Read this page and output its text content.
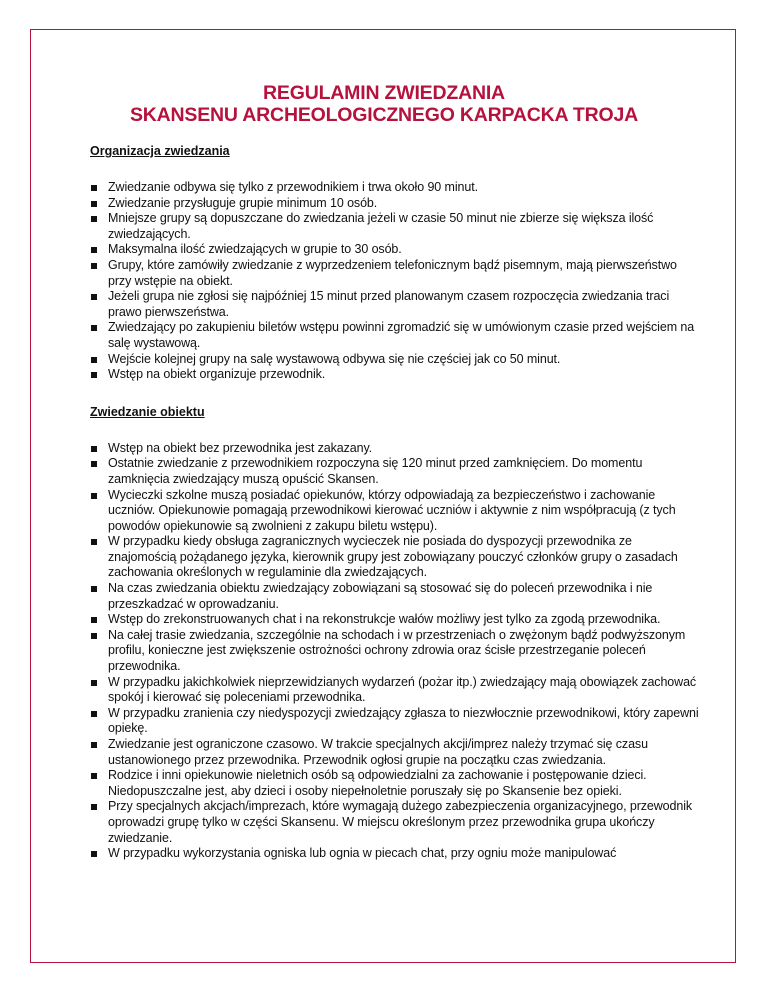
REGULAMIN ZWIEDZANIA
SKANSENU ARCHEOLOGICZNEGO KARPACKA TROJA
Organizacja zwiedzania
Zwiedzanie odbywa się tylko z przewodnikiem i trwa około 90 minut.
Zwiedzanie przysługuje grupie minimum 10 osób.
Mniejsze grupy są dopuszczane do zwiedzania jeżeli w czasie 50 minut nie zbierze się większa ilość zwiedzających.
Maksymalna ilość zwiedzających w grupie to 30 osób.
Grupy, które zamówiły zwiedzanie z wyprzedzeniem telefonicznym bądź pisemnym, mają pierwszeństwo przy wstępie na obiekt.
Jeżeli grupa nie zgłosi się najpóźniej 15 minut przed planowanym czasem rozpoczęcia zwiedzania traci prawo pierwszeństwa.
Zwiedzający po zakupieniu biletów wstępu powinni zgromadzić się w umówionym czasie przed wejściem na salę wystawową.
Wejście kolejnej grupy na salę wystawową odbywa się nie częściej jak co 50 minut.
Wstęp na obiekt organizuje przewodnik.
Zwiedzanie obiektu
Wstęp na obiekt bez przewodnika jest zakazany.
Ostatnie zwiedzanie z przewodnikiem rozpoczyna się 120 minut przed zamknięciem. Do momentu zamknięcia zwiedzający muszą opuścić Skansen.
Wycieczki szkolne muszą posiadać opiekunów, którzy odpowiadają za bezpieczeństwo i zachowanie uczniów. Opiekunowie pomagają przewodnikowi kierować uczniów i aktywnie z nim współpracują (z tych powodów opiekunowie są zwolnieni z zakupu biletu wstępu).
W przypadku kiedy obsługa zagranicznych wycieczek nie posiada do dyspozycji przewodnika ze znajomością pożądanego języka, kierownik grupy jest zobowiązany pouczyć członków grupy o zasadach zachowania określonych w regulaminie dla zwiedzających.
Na czas zwiedzania obiektu zwiedzający zobowiązani są stosować się do poleceń przewodnika i nie przeszkadzać w oprowadzaniu.
Wstęp do zrekonstruowanych chat i na rekonstrukcje wałów możliwy jest tylko za zgodą przewodnika.
Na całej trasie zwiedzania, szczególnie na schodach i w przestrzeniach o zwężonym bądź podwyższonym profilu, konieczne jest zwiększenie ostrożności ochrony zdrowia oraz ścisłe przestrzeganie poleceń przewodnika.
W przypadku jakichkolwiek nieprzewidzianych wydarzeń (pożar itp.) zwiedzający mają obowiązek zachować spokój i kierować się poleceniami przewodnika.
W przypadku zranienia czy niedyspozycji zwiedzający zgłasza to niezwłocznie przewodnikowi, który zapewni opiekę.
Zwiedzanie jest ograniczone czasowo. W trakcie specjalnych akcji/imprez należy trzymać się czasu ustanowionego przez przewodnika. Przewodnik ogłosi grupie na początku czas zwiedzania.
Rodzice i inni opiekunowie nieletnich osób są odpowiedzialni za zachowanie i postępowanie dzieci. Niedopuszczalne jest, aby dzieci i osoby niepełnoletnie poruszały się po Skansenie bez opieki.
Przy specjalnych akcjach/imprezach, które wymagają dużego zabezpieczenia organizacyjnego, przewodnik oprowadzi grupę tylko w części Skansenu. W miejscu określonym przez przewodnika grupa ukończy zwiedzanie.
W przypadku wykorzystania ogniska lub ognia w piecach chat, przy ogniu może manipulować
